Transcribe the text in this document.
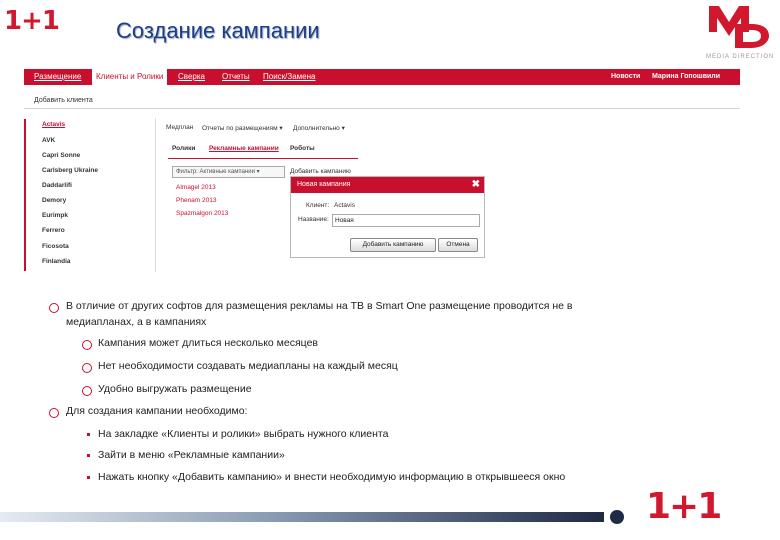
1+1	Создание кампании
MEDIA DIRECTION
Размещение	Клиенты и Ролики	Сверка	Отчеты	Поиск/Замена	Новости Марина Гопошвили
Добавить клиента
Actavis
AVK
Capri Sonne
Carlsberg Ukraine
Daddarlifi
Demory
Eurimpk
Ferrero
Ficosota
Finlandia
Медплан Отчеты по размещениям ▾ Дополнительно ▾
Ролики Рекламные кампании Роботы
Фильтр: Активные кампании ▾	Добавить кампанию
Almagel 2013
Phenam 2013
Spazmalgon 2013
Новая кампания	✖
Клиент: Actavis
Название: Новая
Добавить кампанию	Отмена
В отличие от других софтов для размещения рекламы на ТВ в Smart One размещение проводится не в
медиапланах, а в кампаниях
Кампания может длиться несколько месяцев
Нет необходимости создавать медиапланы на каждый месяц
Удобно выгружать размещение
Для создания кампании необходимо:
На закладке «Клиенты и ролики» выбрать нужного клиента
Зайти в меню «Рекламные кампании»
Нажать кнопку «Добавить кампанию» и внести необходимую информацию в открывшееся окно
1+1
